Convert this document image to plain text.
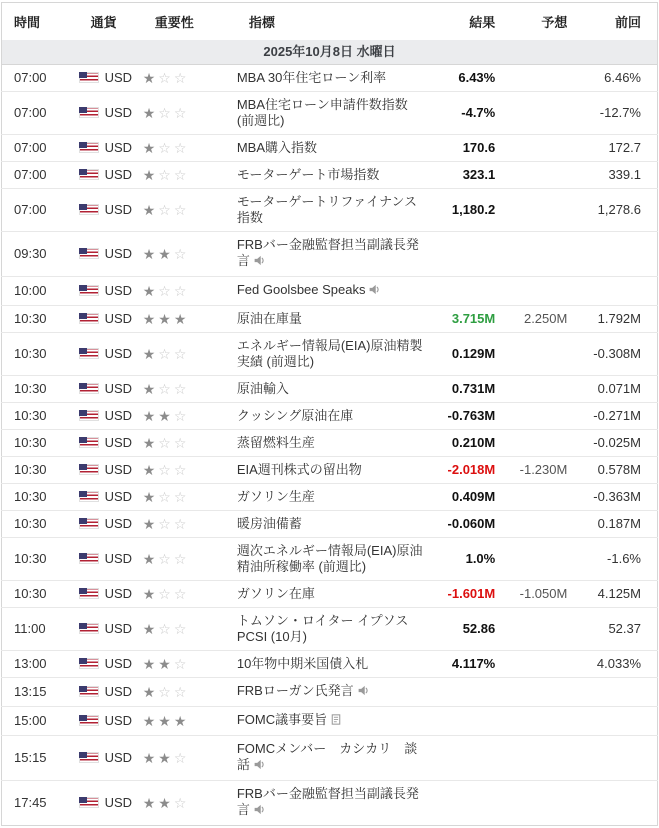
時間	通貨	重要性	指標	結果	予想	前回
2025年10月8日 水曜日						
07:00	USD	★☆☆	MBA 30年住宅ローン利率	6.43%		6.46%
07:00	USD	★☆☆	MBA住宅ローン申請件数指数 (前週比)	-4.7%		-12.7%
07:00	USD	★☆☆	MBA購入指数	170.6		172.7
07:00	USD	★☆☆	モーターゲート市場指数	323.1		339.1
07:00	USD	★☆☆	モーターゲートリファイナンス指数	1,180.2		1,278.6
09:30	USD	★★☆	FRBバー金融監督担当副議長発言			
10:00	USD	★☆☆	Fed Goolsbee Speaks			
10:30	USD	★★★	原油在庫量	3.715M	2.250M	1.792M
10:30	USD	★☆☆	エネルギー情報局(EIA)原油精製実績 (前週比)	0.129M		-0.308M
10:30	USD	★☆☆	原油輸入	0.731M		0.071M
10:30	USD	★★☆	クッシング原油在庫	-0.763M		-0.271M
10:30	USD	★☆☆	蒸留燃料生産	0.210M		-0.025M
10:30	USD	★☆☆	EIA週刊株式の留出物	-2.018M	-1.230M	0.578M
10:30	USD	★☆☆	ガソリン生産	0.409M		-0.363M
10:30	USD	★☆☆	暖房油備蓄	-0.060M		0.187M
10:30	USD	★☆☆	週次エネルギー情報局(EIA)原油精油所稼働率 (前週比)	1.0%		-1.6%
10:30	USD	★☆☆	ガソリン在庫	-1.601M	-1.050M	4.125M
11:00	USD	★☆☆	トムソン・ロイター イプソス PCSI (10月)	52.86		52.37
13:00	USD	★★☆	10年物中期米国債入札	4.117%		4.033%
13:15	USD	★☆☆	FRBローガン氏発言			
15:00	USD	★★★	FOMC議事要旨			
15:15	USD	★★☆	FOMCメンバー　カシカリ　談話			
17:45	USD	★★☆	FRBバー金融監督担当副議長発言			
